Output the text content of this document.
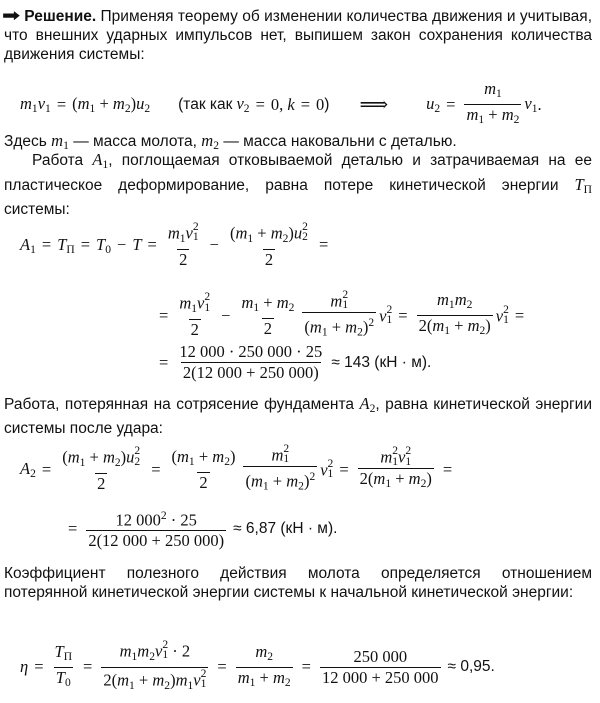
➡ Решение. Применяя теорему об изменении количества движения и учитывая, что внешних ударных импульсов нет, выпишем закон сохранения количества движения системы:
$m_1v_1 = (m_1 + m_2)u_2$ (так как $v_2 = 0$ , k = 0 ) ⟹ $u_2 = \frac{m_1}{m_1 + m_2} v_1$ .
Здесь $m_1$ — масса молота, $m_2$ — масса наковальни с деталью.
Работа $A_1$, поглощаемая отковываемой деталью и затрачиваемая на ее пластическое деформирование, равна потере кинетической энергии $T_П$ системы:
$A_1 = T_П = T_0 - T = m_1v$ 2
1
$2 - (m_1 + m_2)u$ 2
2
2 =
= $m_1v$ 2
1
$2 - \frac{m_1 + m_2}{2}$ m 2
1
$(m_1 + m_2)^2$ v 2
$1 = \frac{m_1m_2}{2(m_1 + m_2)}$ v 2
1 =
= $\frac{12 000 \cdot 250 000 \cdot 25}{2(12 000 + 250 000)} \approx 143$ (кН · м).
Работа, потерянная на сотрясение фундамента $A_2$, равна кинетической энергии системы после удара:
$A_2 = (m_1 + m_2)u$ 2
2
$2 = \frac{(m_1 + m_2)}{2}$ m 2
1
$(m_1 + m_2)^2$ v 2
1 = m 2
1 v 2
1
$2(m_1 + m_2)$ =
= $\frac{12 000^2 \cdot 25}{2(12 000 + 250 000)} \approx 6,87$ (кН · м).
Коэффициент полезного действия молота определяется отношением потерянной кинетической энергии системы к начальной кинетической энергии:
$\eta = \frac{T_П}{T_0} = m_1m_2v$ 2
1 · 2
$2(m_1 + m_2)m_1v$ 2
$1 = \frac{m_2}{m_1 + m_2} = \frac{250 000}{12 000 + 250 000} \approx 0,95$.
